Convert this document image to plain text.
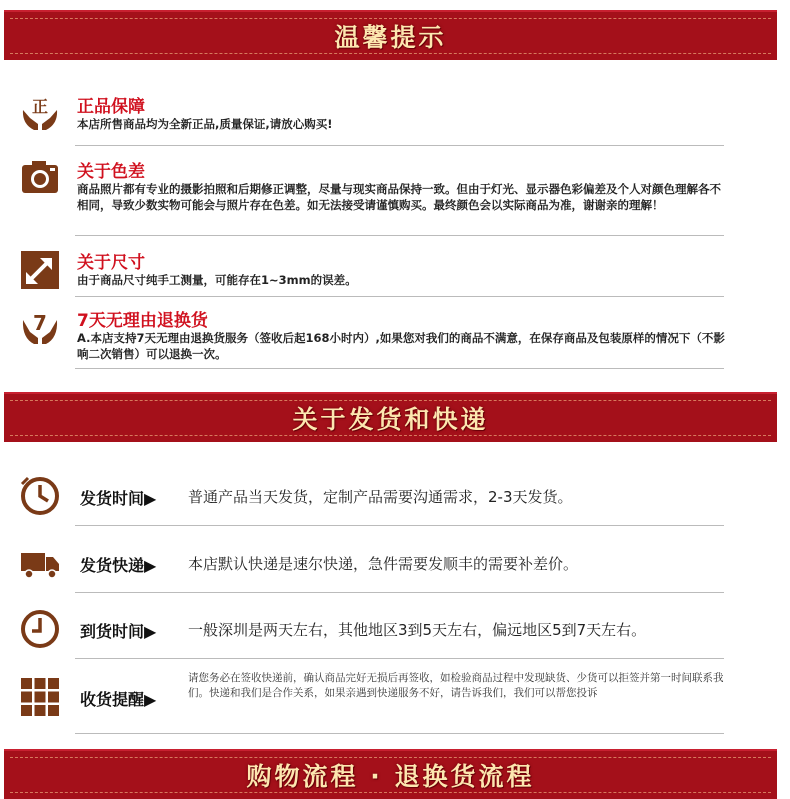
温馨提示
正 正品保障
本店所售商品均为全新正品,质量保证,请放心购买!
关于色差
商品照片都有专业的摄影拍照和后期修正调整，尽量与现实商品保持一致。但由于灯光、显示器色彩偏差及个人对颜色理解各不相同，导致少数实物可能会与照片存在色差。如无法接受请谨慎购买。最终颜色会以实际商品为准，谢谢亲的理解！
关于尺寸
由于商品尺寸纯手工测量，可能存在1~3mm的误差。
7 7天无理由退换货
A.本店支持7天无理由退换货服务（签收后起168小时内）,如果您对我们的商品不满意，在保存商品及包装原样的情况下（不影响二次销售）可以退换一次。
关于发货和快递
发货时间▶ 普通产品当天发货，定制产品需要沟通需求，2-3天发货。
发货快递▶ 本店默认快递是速尔快递，急件需要发顺丰的需要补差价。
到货时间▶ 一般深圳是两天左右，其他地区3到5天左右，偏远地区5到7天左右。
收货提醒▶
请您务必在签收快递前，确认商品完好无损后再签收，如检验商品过程中发现缺货、少货可以拒签并第一时间联系我们。快递和我们是合作关系，如果亲遇到快递服务不好，请告诉我们，我们可以帮您投诉
购物流程 · 退换货流程
